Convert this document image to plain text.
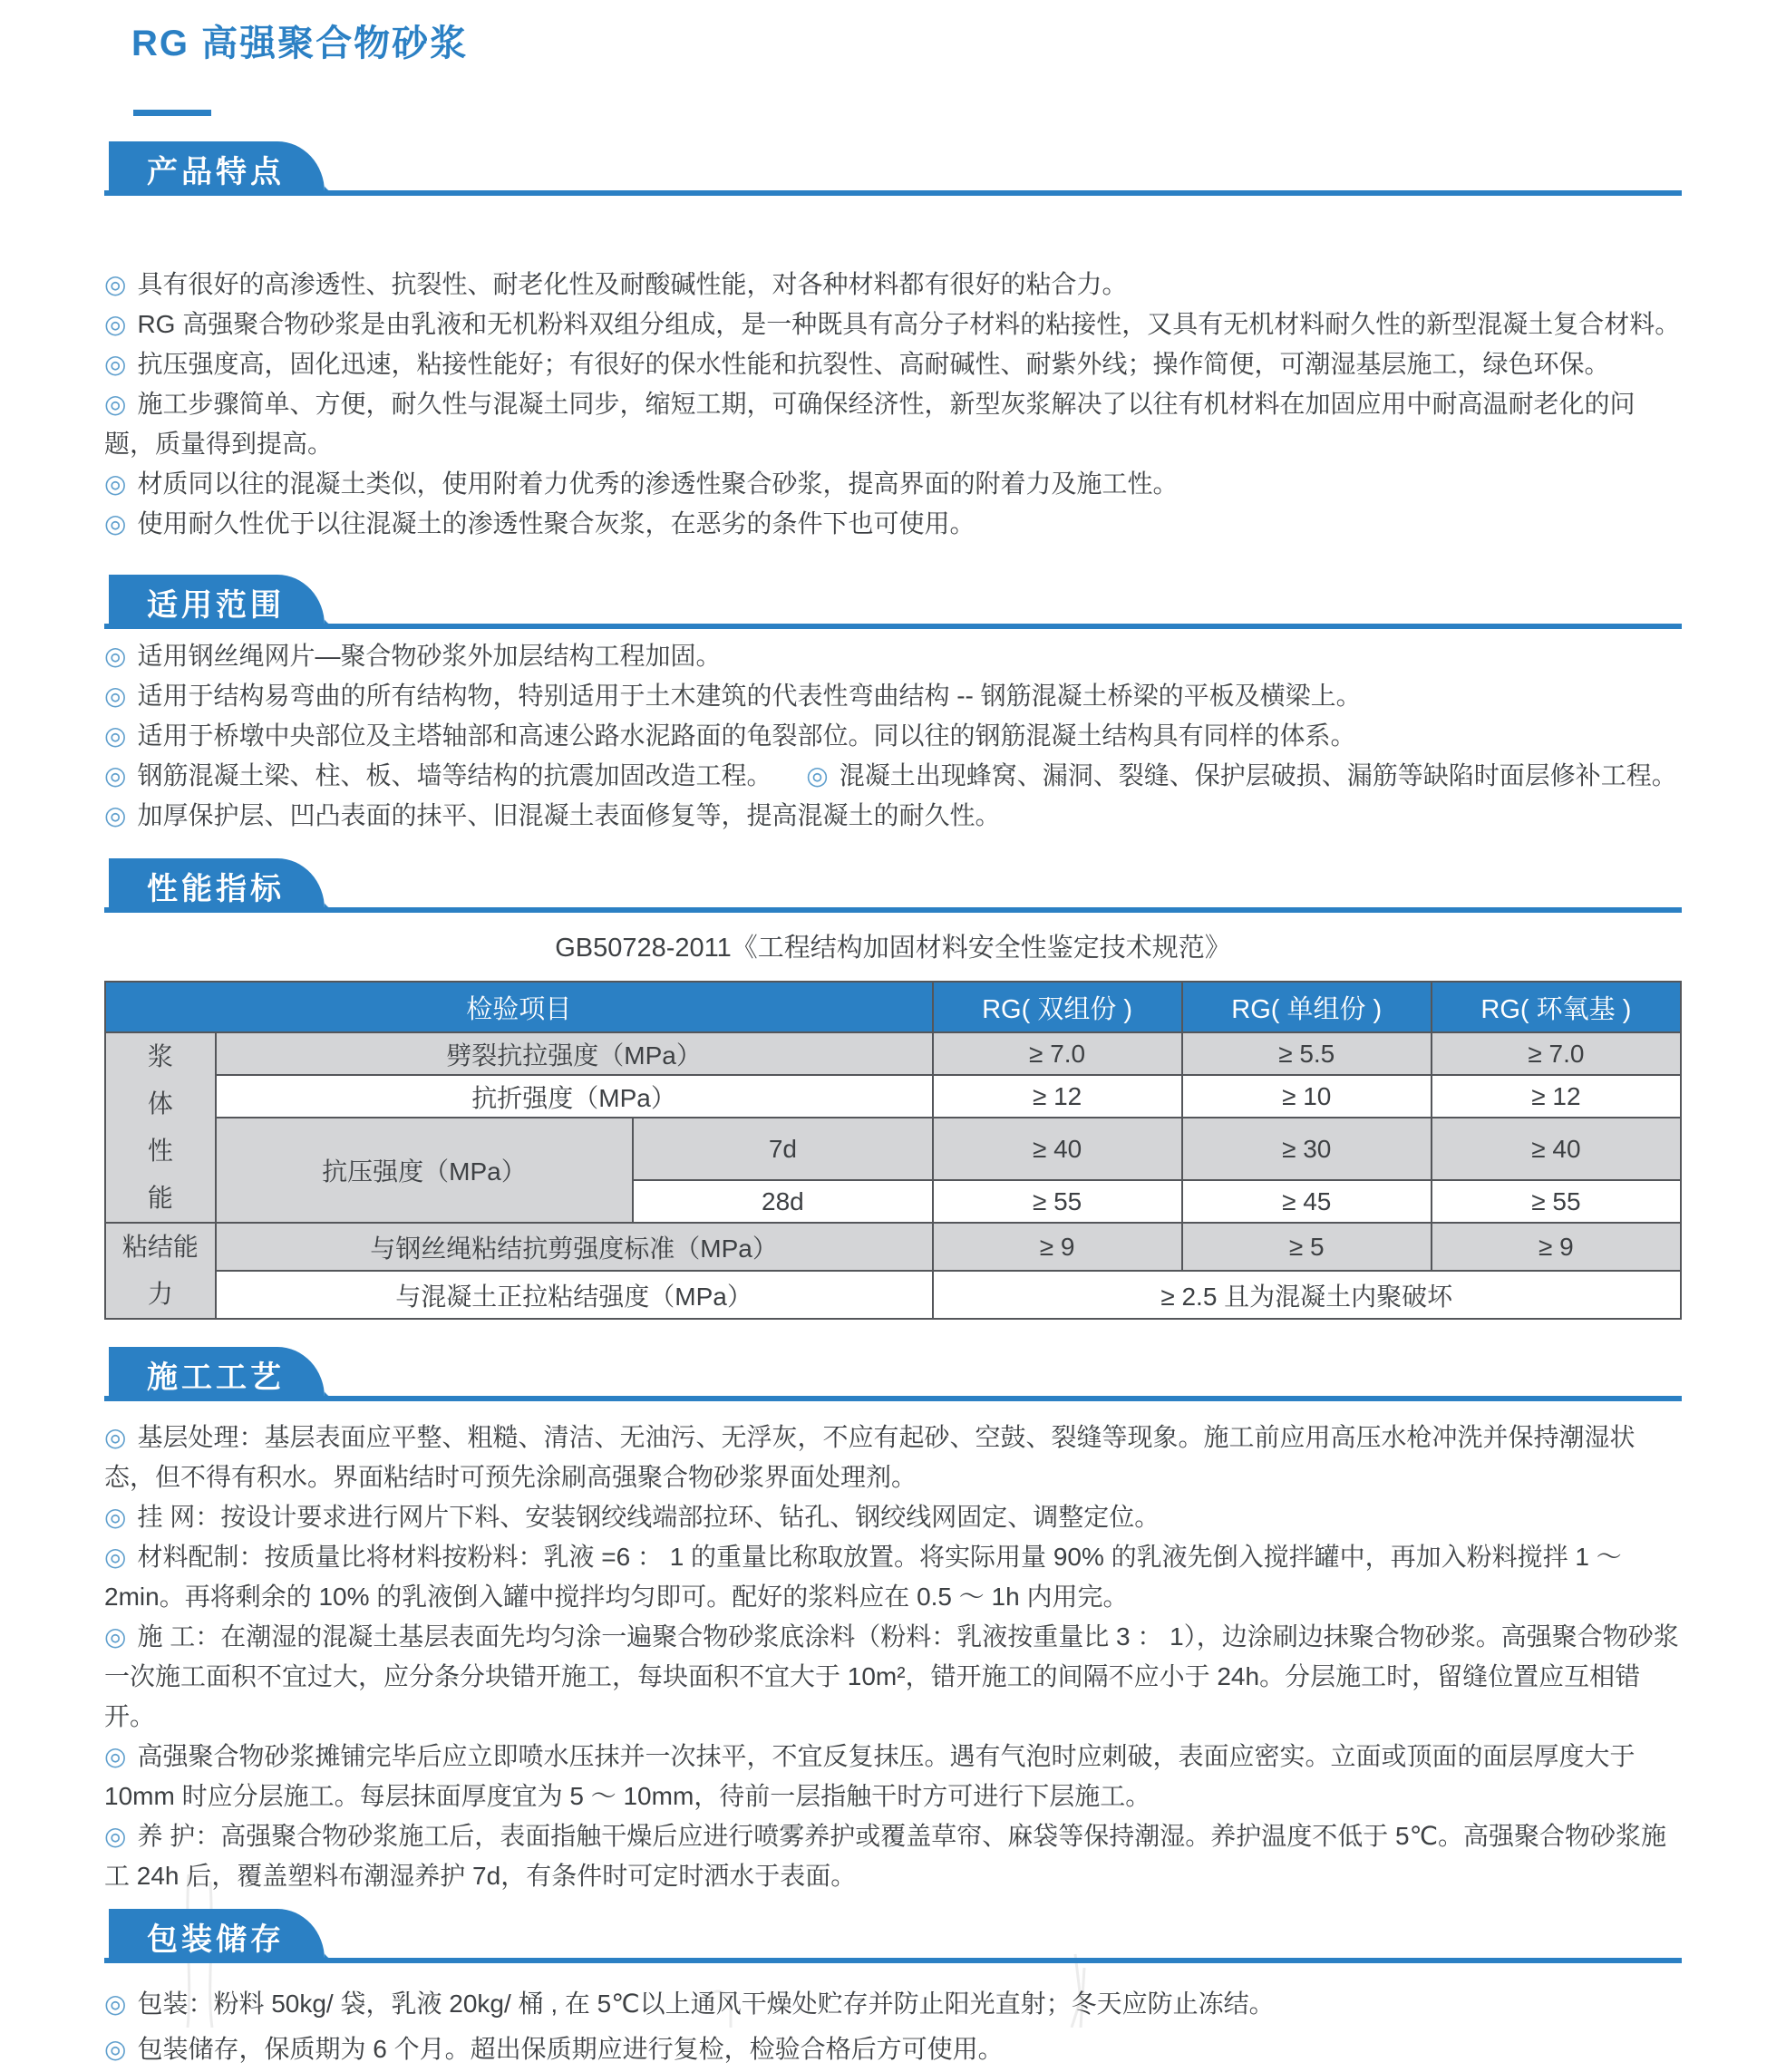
RG 高强聚合物砂浆
产品特点
◎ 具有很好的高渗透性、抗裂性、耐老化性及耐酸碱性能，对各种材料都有很好的粘合力。
◎ RG 高强聚合物砂浆是由乳液和无机粉料双组分组成，是一种既具有高分子材料的粘接性，又具有无机材料耐久性的新型混凝土复合材料。
◎ 抗压强度高，固化迅速，粘接性能好；有很好的保水性能和抗裂性、高耐碱性、耐紫外线；操作简便，可潮湿基层施工，绿色环保。
◎ 施工步骤简单、方便，耐久性与混凝土同步，缩短工期，可确保经济性，新型灰浆解决了以往有机材料在加固应用中耐高温耐老化的问题，质量得到提高。
◎ 材质同以往的混凝土类似，使用附着力优秀的渗透性聚合砂浆，提高界面的附着力及施工性。
◎ 使用耐久性优于以往混凝土的渗透性聚合灰浆，在恶劣的条件下也可使用。
适用范围
◎ 适用钢丝绳网片—聚合物砂浆外加层结构工程加固。
◎ 适用于结构易弯曲的所有结构物，特别适用于土木建筑的代表性弯曲结构 -- 钢筋混凝土桥梁的平板及横梁上。
◎ 适用于桥墩中央部位及主塔轴部和高速公路水泥路面的龟裂部位。同以往的钢筋混凝土结构具有同样的体系。
◎ 钢筋混凝土梁、柱、板、墙等结构的抗震加固改造工程。	◎ 混凝土出现蜂窝、漏洞、裂缝、保护层破损、漏筋等缺陷时面层修补工程。
◎ 加厚保护层、凹凸表面的抹平、旧混凝土表面修复等，提高混凝土的耐久性。
性能指标
GB50728-2011《工程结构加固材料安全性鉴定技术规范》
检验项目			RG( 双组份 )	RG( 单组份 )	RG( 环氧基 )
浆
体
性
能	劈裂抗拉强度（MPa）		≥ 7.0	≥ 5.5	≥ 7.0
	抗折强度（MPa）		≥ 12	≥ 10	≥ 12
	抗压强度（MPa）	7d	≥ 40	≥ 30	≥ 40
		28d	≥ 55	≥ 45	≥ 55
粘结能
力	与钢丝绳粘结抗剪强度标准（MPa）		≥ 9	≥ 5	≥ 9
	与混凝土正拉粘结强度（MPa）		≥ 2.5 且为混凝土内聚破坏		
施工工艺
◎ 基层处理：基层表面应平整、粗糙、清洁、无油污、无浮灰，不应有起砂、空鼓、裂缝等现象。施工前应用高压水枪冲洗并保持潮湿状态，但不得有积水。界面粘结时可预先涂刷高强聚合物砂浆界面处理剂。
◎ 挂 网：按设计要求进行网片下料、安装钢绞线端部拉环、钻孔、钢绞线网固定、调整定位。
◎ 材料配制：按质量比将材料按粉料：乳液 =6 ： 1 的重量比称取放置。将实际用量 90% 的乳液先倒入搅拌罐中，再加入粉料搅拌 1 ～ 2min。再将剩余的 10% 的乳液倒入罐中搅拌均匀即可。配好的浆料应在 0.5 ～ 1h 内用完。
◎ 施 工：在潮湿的混凝土基层表面先均匀涂一遍聚合物砂浆底涂料（粉料：乳液按重量比 3 ： 1），边涂刷边抹聚合物砂浆。高强聚合物砂浆一次施工面积不宜过大，应分条分块错开施工，每块面积不宜大于 10m²，错开施工的间隔不应小于 24h。分层施工时，留缝位置应互相错开。
◎ 高强聚合物砂浆摊铺完毕后应立即喷水压抹并一次抹平，不宜反复抹压。遇有气泡时应刺破，表面应密实。立面或顶面的面层厚度大于 10mm 时应分层施工。每层抹面厚度宜为 5 ～ 10mm，待前一层指触干时方可进行下层施工。
◎ 养 护：高强聚合物砂浆施工后，表面指触干燥后应进行喷雾养护或覆盖草帘、麻袋等保持潮湿。养护温度不低于 5℃。高强聚合物砂浆施工 24h 后，覆盖塑料布潮湿养护 7d，有条件时可定时洒水于表面。
包装储存
◎ 包装：粉料 50kg/ 袋，乳液 20kg/ 桶 , 在 5℃以上通风干燥处贮存并防止阳光直射；冬天应防止冻结。
◎ 包装储存，保质期为 6 个月。超出保质期应进行复检，检验合格后方可使用。
